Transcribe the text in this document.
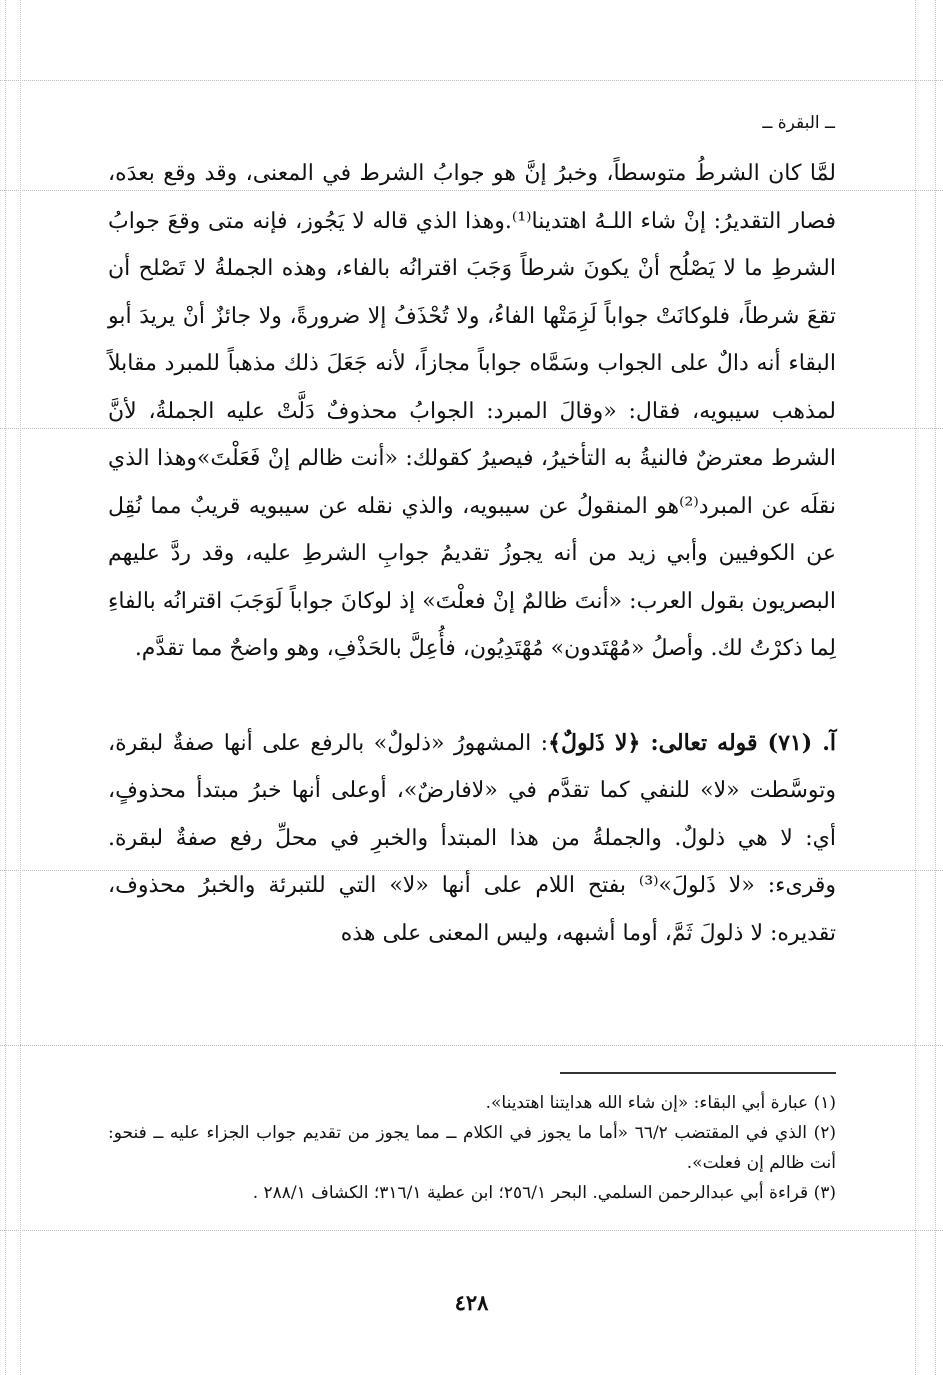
ــ البقرة ــ

لمَّا كان الشرطُ متوسطاً، وخبرُ إنَّ هو جوابُ الشرط في المعنى، وقد وقع بعدَه، فصار التقديرُ: إنْ شاء اللـهُ اهتدينا⁽¹⁾.وهذا الذي قاله لا يَجُوز، فإنه متى وقعَ جوابُ الشرطِ ما لا يَصْلُح أنْ يكونَ شرطاً وَجَبَ اقترانُه بالفاء، وهذه الجملةُ لا تَصْلح أن تقعَ شرطاً، فلوكانَتْ جواباً لَزِمَتْها الفاءُ، ولا تُحْذَفُ إلا ضرورةً، ولا جائزٌ أنْ يريدَ أبو البقاء أنه دالٌ على الجواب وسَمَّاه جواباً مجازاً، لأنه جَعَلَ ذلك مذهباً للمبرد مقابلاً لمذهب سيبويه، فقال: «وقالَ المبرد: الجوابُ محذوفٌ دَلَّتْ عليه الجملةُ، لأنَّ الشرط معترضٌ فالنيةُ به التأخيرُ، فيصيرُ كقولك: «أنت ظالم إنْ فَعَلْتَ»وهذا الذي نقلَه عن المبرد⁽²⁾هو المنقولُ عن سيبويه، والذي نقله عن سيبويه قريبٌ مما نُقِل عن الكوفيين وأبي زيد من أنه يجوزُ تقديمُ جوابِ الشرطِ عليه، وقد ردَّ عليهم البصريون بقول العرب: «أنتَ ظالمٌ إنْ فعلْتَ» إذ لوكانَ جواباً لَوَجَبَ اقترانُه بالفاءِ لِما ذكرْتُ لك. وأصلُ «مُهْتَدون» مُهْتَدِيُون، فأُعِلَّ بالحَذْفِ، وهو واضحٌ مما تقدَّم.

آ. (٧١) قوله تعالى: ﴿لا ذَلولٌ﴾: المشهورُ «ذلولٌ» بالرفع على أنها صفةٌ لبقرة، وتوسَّطت «لا» للنفي كما تقدَّم في «لافارضٌ»، أوعلى أنها خبرُ مبتدأ محذوفٍ، أي: لا هي ذلولٌ. والجملةُ من هذا المبتدأ والخبرِ في محلِّ رفع صفةٌ لبقرة. وقرىء: «لا ذَلولَ»⁽³⁾ بفتح اللام على أنها «لا» التي للتبرئة والخبرُ محذوف، تقديره: لا ذلولَ ثَمَّ، أوما أشبهه، وليس المعنى على هذه

(١) عبارة أبي البقاء: «إن شاء الله هدايتنا اهتدينا».

(٢) الذي في المقتضب ٦٦/٢ «أما ما يجوز في الكلام ــ مما يجوز من تقديم جواب الجزاء عليه ــ فنحو: أنت ظالم إن فعلت».

(٣) قراءة أبي عبدالرحمن السلمي. البحر ٢٥٦/١؛ ابن عطية ٣١٦/١؛ الكشاف ٢٨٨/١ .

٤٢٨
